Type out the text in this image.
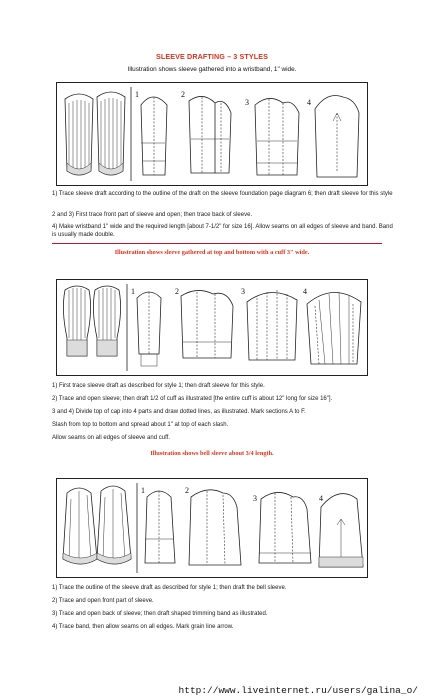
SLEEVE DRAFTING – 3 STYLES
Illustration shows sleeve gathered into a wristband, 1" wide.
1	2
3	4
1) Trace sleeve draft according to the outline of the draft on the sleeve foundation page diagram 6; then draft sleeve for this style
2 and 3) First trace front part of sleeve and open; then trace back of sleeve.
4) Make wristband 1" wide and the required length [about 7-1/2" for size 16]. Allow seams on all edges of sleeve and band. Band is usually made double.
Illustration shows sleeve gathered at top and bottom with a cuff 3" wide.
1	2	3	4
1) First trace sleeve draft as described for style 1; then draft sleeve for this style.
2) Trace and open sleeve; then draft 1/2 of cuff as illustrated [the entire cuff is about 12" long for size 16"].
3 and 4) Divide top of cap into 4 parts and draw dotted lines, as illustrated. Mark sections A to F.
Slash from top to bottom and spread about 1" at top of each slash.
Allow seams on all edges of sleeve and cuff.
Illustration shows bell sleeve about 3/4 length.
1	2
3	4
1) Trace the outline of the sleeve draft as described for style 1; then draft the bell sleeve.
2) Trace and open front part of sleeve.
3) Trace and open back of sleeve; then draft shaped trimming band as illustrated.
4) Trace band, then allow seams on all edges. Mark grain line arrow.
http://www.liveinternet.ru/users/galina_o/
